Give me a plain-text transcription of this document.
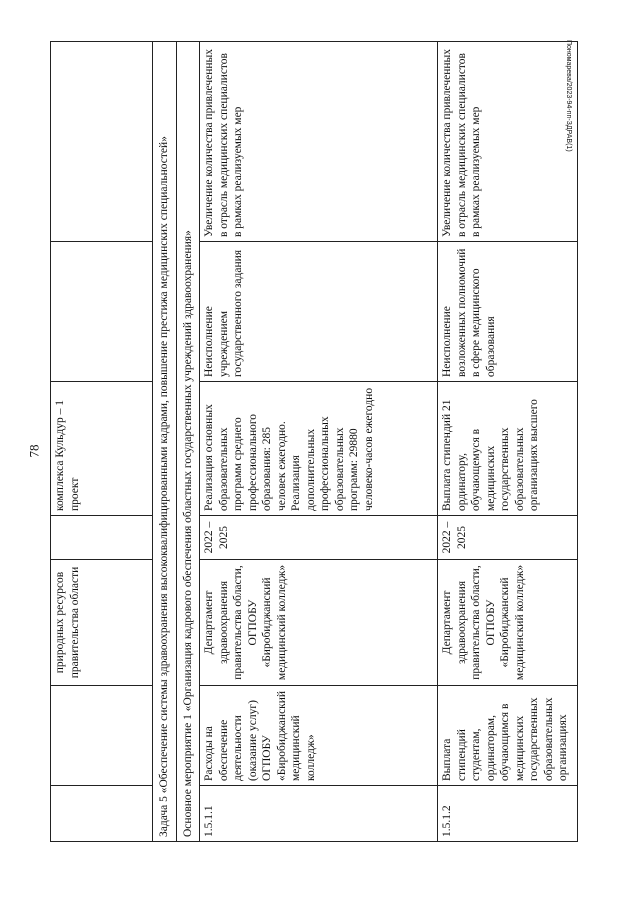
78
Пономарева/2023-94-пп-ЗДРАВ(1)
		природных ресурсов правительства области		комплекса Кульдур – 1 проект		
Задача 5 «Обеспечение системы здравоохранения высококвалифицированными кадрами, повышение престижа медицинских специальностей»						
Основное мероприятие 1 «Организация кадрового обеспечения областных государственных учреждений здравоохранения»						
1.5.1.1	Расходы на обеспечение деятельности (оказание услуг) ОГПОБУ «Биробиджанский медицинский колледж»	Департамент здравоохранения правительства области, ОГПОБУ «Биробиджанский медицинский колледж»	2022 – 2025	Реализация основных образовательных программ среднего профессионального образования: 285 человек ежегодно. Реализация дополнительных профессиональных образовательных программ: 29880 человеко-часов ежегодно	Неисполнение учреждением государственного задания	Увеличение количества привлеченных в отрасль медицинских специалистов в рамках реализуемых мер
1.5.1.2	Выплата стипендий студентам, ординаторам, обучающимся в медицинских государственных образовательных организациях	Департамент здравоохранения правительства области, ОГПОБУ «Биробиджанский медицинский колледж»	2022 – 2025	Выплата стипендий 21 ординатору, обучающемуся в медицинских государственных образовательных организациях высшего	Неисполнение возложенных полномочий в сфере медицинского образования	Увеличение количества привлеченных в отрасль медицинских специалистов в рамках реализуемых мер
